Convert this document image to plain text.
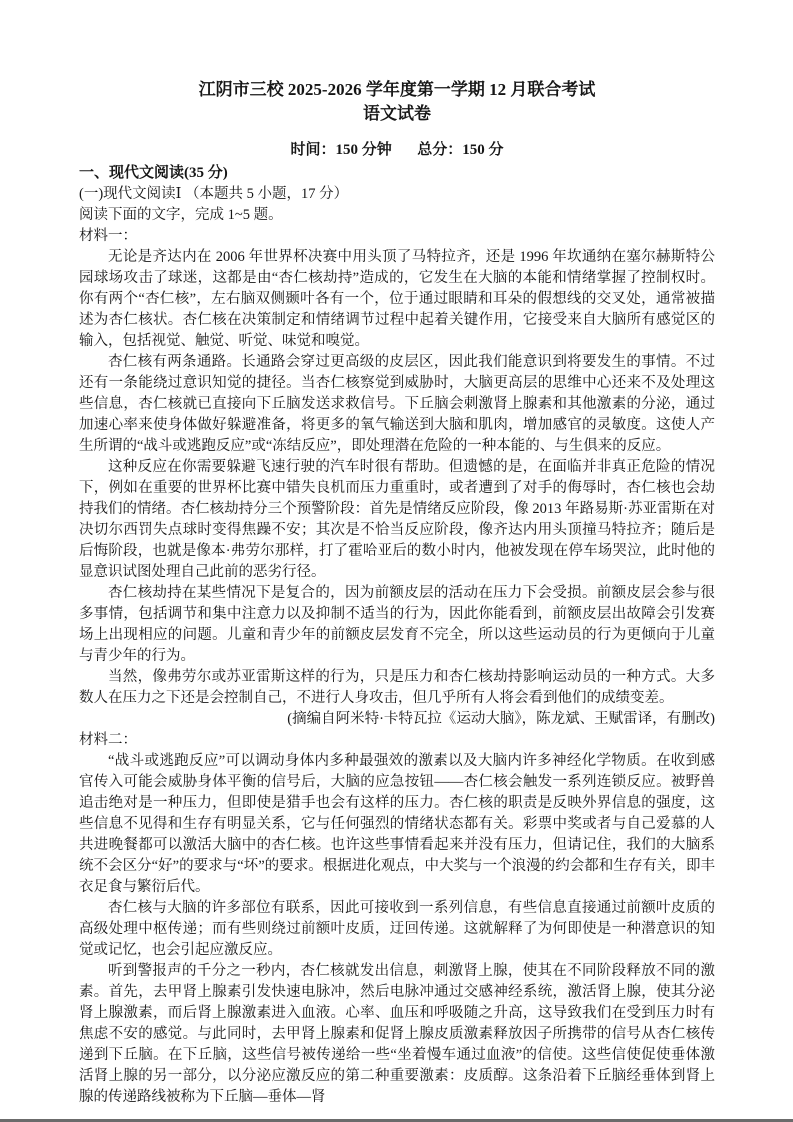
江阴市三校 2025-2026 学年度第一学期 12 月联合考试
语文试卷
时间：150 分钟 总分：150 分
一、现代文阅读(35 分)
(一)现代文阅读Ⅰ （本题共 5 小题，17 分）
阅读下面的文字，完成 1~5 题。
材料一：

无论是齐达内在 2006 年世界杯决赛中用头顶了马特拉齐，还是 1996 年坎通纳在塞尔赫斯特公园球场攻击了球迷，这都是由“杏仁核劫持”造成的，它发生在大脑的本能和情绪掌握了控制权时。你有两个“杏仁核”，左右脑双侧颞叶各有一个，位于通过眼睛和耳朵的假想线的交叉处，通常被描述为杏仁核状。杏仁核在决策制定和情绪调节过程中起着关键作用，它接受来自大脑所有感觉区的输入，包括视觉、触觉、听觉、味觉和嗅觉。

杏仁核有两条通路。长通路会穿过更高级的皮层区，因此我们能意识到将要发生的事情。不过还有一条能绕过意识知觉的捷径。当杏仁核察觉到威胁时，大脑更高层的思维中心还来不及处理这些信息，杏仁核就已直接向下丘脑发送求救信号。下丘脑会刺激肾上腺素和其他激素的分泌，通过加速心率来使身体做好躲避准备，将更多的氧气输送到大脑和肌肉，增加感官的灵敏度。这使人产生所谓的“战斗或逃跑反应”或“冻结反应”，即处理潜在危险的一种本能的、与生俱来的反应。

这种反应在你需要躲避飞速行驶的汽车时很有帮助。但遗憾的是，在面临并非真正危险的情况下，例如在重要的世界杯比赛中错失良机而压力重重时，或者遭到了对手的侮辱时，杏仁核也会劫持我们的情绪。杏仁核劫持分三个预警阶段：首先是情绪反应阶段，像 2013 年路易斯·苏亚雷斯在对决切尔西罚失点球时变得焦躁不安；其次是不恰当反应阶段，像齐达内用头顶撞马特拉齐；随后是后悔阶段，也就是像本·弗劳尔那样，打了霍哈亚后的数小时内，他被发现在停车场哭泣，此时他的显意识试图处理自己此前的恶劣行径。

杏仁核劫持在某些情况下是复合的，因为前额皮层的活动在压力下会受损。前额皮层会参与很多事情，包括调节和集中注意力以及抑制不适当的行为，因此你能看到，前额皮层出故障会引发赛场上出现相应的问题。儿童和青少年的前额皮层发育不完全，所以这些运动员的行为更倾向于儿童与青少年的行为。

当然，像弗劳尔或苏亚雷斯这样的行为，只是压力和杏仁核劫持影响运动员的一种方式。大多数人在压力之下还是会控制自己，不进行人身攻击，但几乎所有人将会看到他们的成绩变差。

(摘编自阿米特·卡特瓦拉《运动大脑》，陈龙斌、王赋雷译，有删改)
材料二：

“战斗或逃跑反应”可以调动身体内多种最强效的激素以及大脑内许多神经化学物质。在收到感官传入可能会威胁身体平衡的信号后，大脑的应急按钮——杏仁核会触发一系列连锁反应。被野兽追击绝对是一种压力，但即使是猎手也会有这样的压力。杏仁核的职责是反映外界信息的强度，这些信息不见得和生存有明显关系，它与任何强烈的情绪状态都有关。彩票中奖或者与自己爱慕的人共进晚餐都可以激活大脑中的杏仁核。也许这些事情看起来并没有压力，但请记住，我们的大脑系统不会区分“好”的要求与“坏”的要求。根据进化观点，中大奖与一个浪漫的约会都和生存有关，即丰衣足食与繁衍后代。

杏仁核与大脑的许多部位有联系，因此可接收到一系列信息，有些信息直接通过前额叶皮质的高级处理中枢传递；而有些则绕过前额叶皮质，迂回传递。这就解释了为何即使是一种潜意识的知觉或记忆，也会引起应激反应。

听到警报声的千分之一秒内，杏仁核就发出信息，刺激肾上腺，使其在不同阶段释放不同的激素。首先，去甲肾上腺素引发快速电脉冲，然后电脉冲通过交感神经系统，激活肾上腺，使其分泌肾上腺激素，而后肾上腺激素进入血液。心率、血压和呼吸随之升高，这导致我们在受到压力时有焦虑不安的感觉。与此同时，去甲肾上腺素和促肾上腺皮质激素释放因子所携带的信号从杏仁核传递到下丘脑。在下丘脑，这些信号被传递给一些“坐着慢车通过血液”的信使。这些信使促使垂体激活肾上腺的另一部分，以分泌应激反应的第二种重要激素：皮质醇。这条沿着下丘脑经垂体到肾上腺的传递路线被称为下丘脑—垂体—肾
